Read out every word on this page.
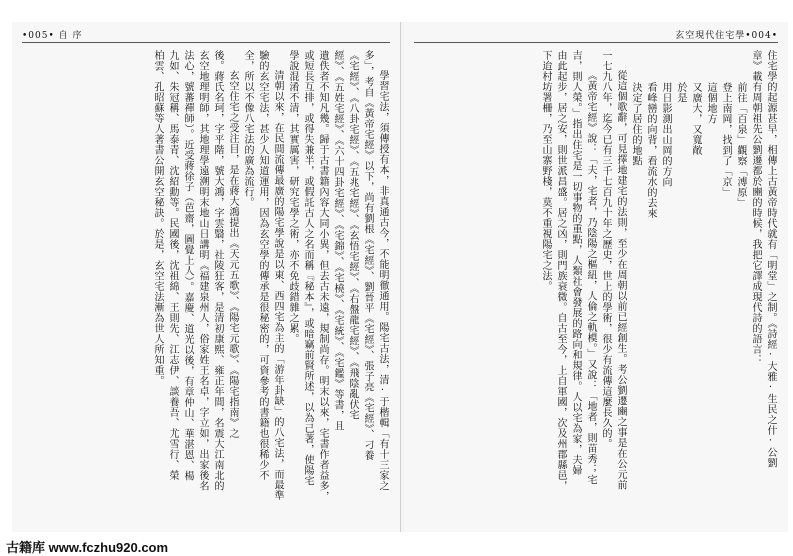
•005• 自 序
學習宅法，須傳授有本，非真通古今，不能明徹通用。陽宅古法，清·于楷輯「有十三家之
多」，考自《黃帝宅經》以下，尚有劉根《宅經》、劉晉平《宅經》、張子亮《宅經》、刁養
《宅經》、《八卦宅經》、《五兆宅經》、《玄悟宅經》、《右盤龍宅經》、《飛陰亂伏宅
經》、《五姓宅經》、《六十四卦宅經》、《宅錦》、《宅橈》、《宅統》、《宅鑑》等書，且
遺佚者不知凡幾。歸于古書籍內容大同小異，但去古未遠，規制尚存。明末以來，宅書作者益多，
或短長互排，或得失兼半，或假託古人之名而稱『秘本』，或暗竊前賢所述，以為己著，使陽宅
學說混淆不清，其實厲害，研究宅學之術，亦不免歧錯雜之累。
清朝以來，在民間流傳最廣的陽宅學說是以東、西四宅為主的「游年卦缺」的八宅法，而最準
驗的玄空宅法，甚少人知道運用，因為玄空學的傳承是很秘密的，可資參考的書籍也很稀少不
全，所以不像八宅法的廣為流行。
玄空住宅之受注目，是在蔣大鴻提出《天元五歌》、《陽宅元歌》、《陽宅指南》之
後。蔣氏名珂，字平階，號大鴻，字雲翳，社陵狂客，是清初康熙、雍正年間，名震大江南北的
玄空地理明師，其地理學遠溯明末地山日講明《福建泉州人，俗家姓王名卓，字立如，出家後名
法心，號蕃禪師）。近受蔣徐子（芭齋，圖覺上人）。嘉慶、道光以後，有章仲山、華湛恩、楊
九如、朱冠稱、馬泰青、沈紹勳等。民國後，沈祖綿、王則先、江志伊、談養吾、尤雪行、榮
柏雲、孔昭蘇等人著書公開玄空秘訣。於是，玄空宅法漸為世人所知重。
玄空現代住宅學•004•
住宅學的起源甚早，相傳上古黃帝時代就有「明堂」之制。《詩經·大雅·生民之什·公劉
章》載有周朝祖先公劉遷都於豳的時候，我把它譯成現代詩的語言：
前往「百泉」觀察「溥原」
登上南岡，找到了「京」
這個地方
又廣大，又寬敞
於是
用日影測出山岡的方向
看峰巒的向背，看流水的去來
決定了居住的地點
從這個歌辭，可見擇地建宅的法則，至少在周朝以前已經創生。考公劉遷豳之事是在公元前
一七九八年，迄今已有三千七百九十年之歷史，世上的學術，很少有流傳這麼長久的。
《黃帝宅經》說：「夫，宅者，乃陰陽之樞紐，人倫之軌模。」又說：「地者，則苗秀；宅
吉，則人榮。」指出住宅是一切事物的重點，人類社會發展的路向和規律。人以宅為家，夫婦
由此起步，居之安，則世派昌盛。居之凶，則門族衰微。自古至今，上自軍國，次及州郡縣邑，
下迨村坊署柵，乃至山寨野棧，莫不重視陽宅之法。
古籍库 www.fczhu920.com
